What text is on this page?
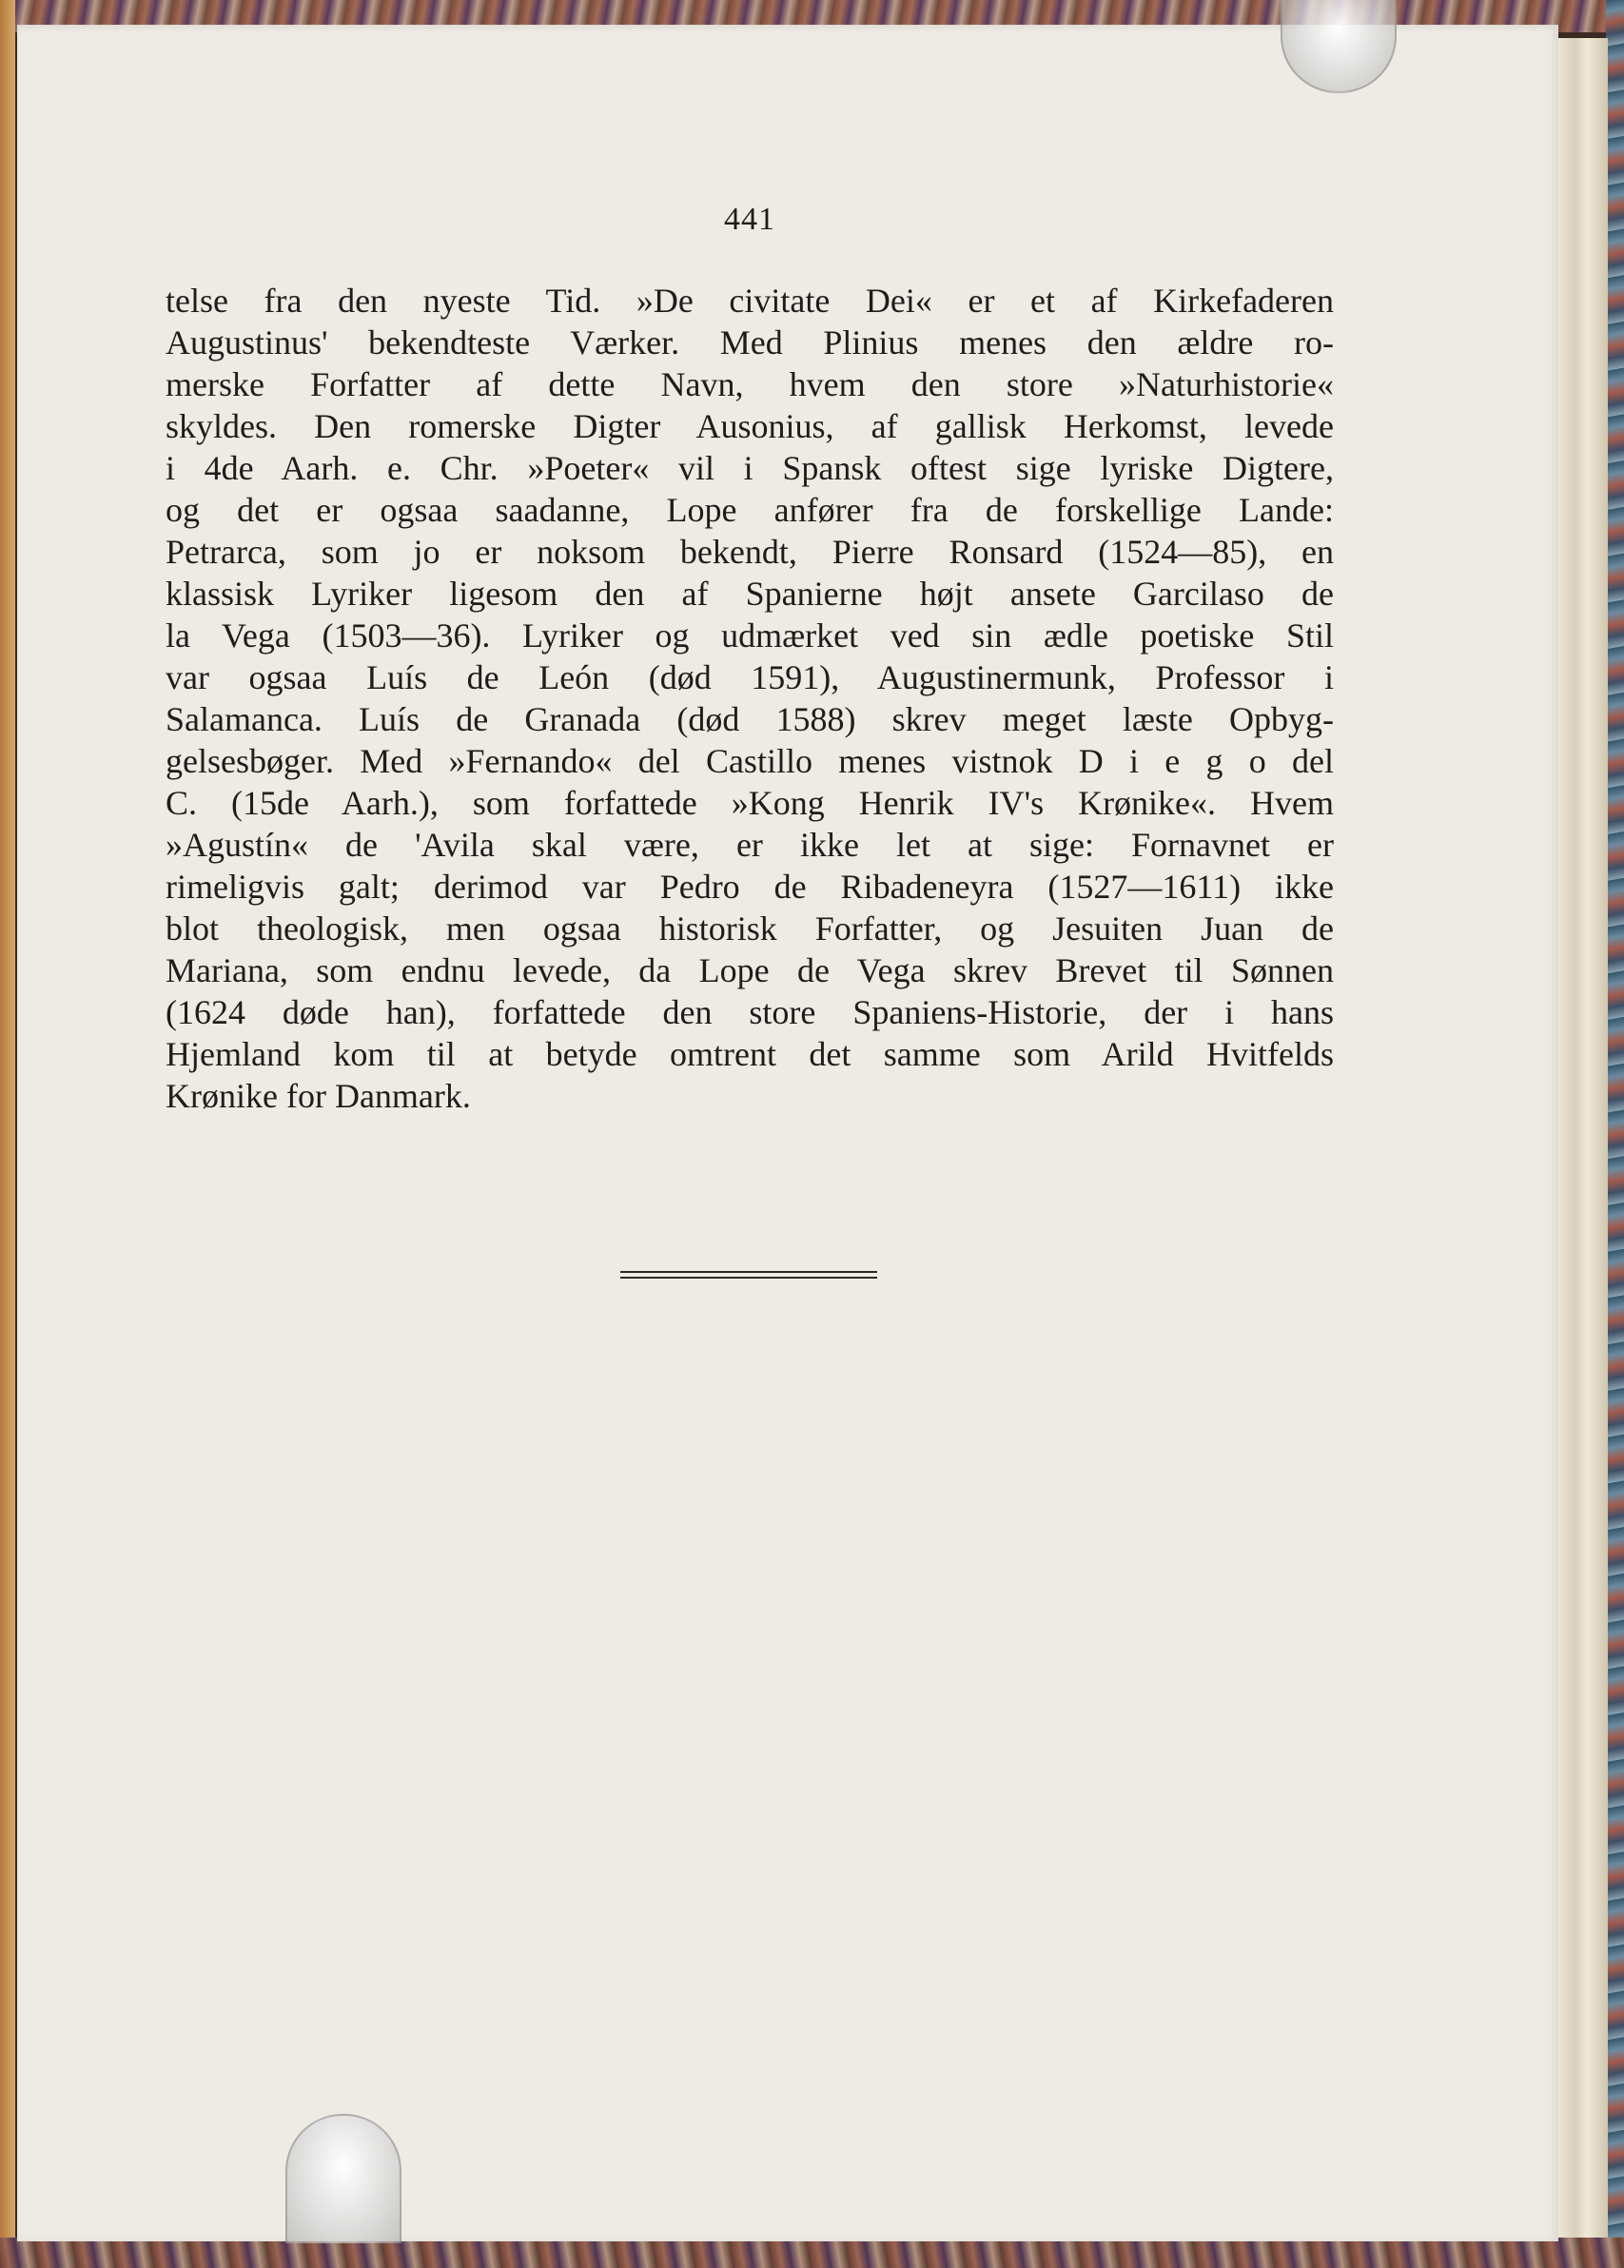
441
telse fra den nyeste Tid. »De civitate Dei« er et af Kirkefaderen
Augustinus' bekendteste Værker. Med Plinius menes den ældre ro-
merske Forfatter af dette Navn, hvem den store »Naturhistorie«
skyldes. Den romerske Digter Ausonius, af gallisk Herkomst, levede
i 4de Aarh. e. Chr. »Poeter« vil i Spansk oftest sige lyriske Digtere,
og det er ogsaa saadanne, Lope anfører fra de forskellige Lande:
Petrarca, som jo er noksom bekendt, Pierre Ronsard (1524—85), en
klassisk Lyriker ligesom den af Spanierne højt ansete Garcilaso de
la Vega (1503—36). Lyriker og udmærket ved sin ædle poetiske Stil
var ogsaa Luís de León (død 1591), Augustinermunk, Professor i
Salamanca. Luís de Granada (død 1588) skrev meget læste Opbyg-
gelsesbøger. Med »Fernando« del Castillo menes vistnok D i e g o del
C. (15de Aarh.), som forfattede »Kong Henrik IV's Krønike«. Hvem
»Agustín« de 'Avila skal være, er ikke let at sige: Fornavnet er
rimeligvis galt; derimod var Pedro de Ribadeneyra (1527—1611) ikke
blot theologisk, men ogsaa historisk Forfatter, og Jesuiten Juan de
Mariana, som endnu levede, da Lope de Vega skrev Brevet til Sønnen
(1624 døde han), forfattede den store Spaniens-Historie, der i hans
Hjemland kom til at betyde omtrent det samme som Arild Hvitfelds
Krønike for Danmark.
